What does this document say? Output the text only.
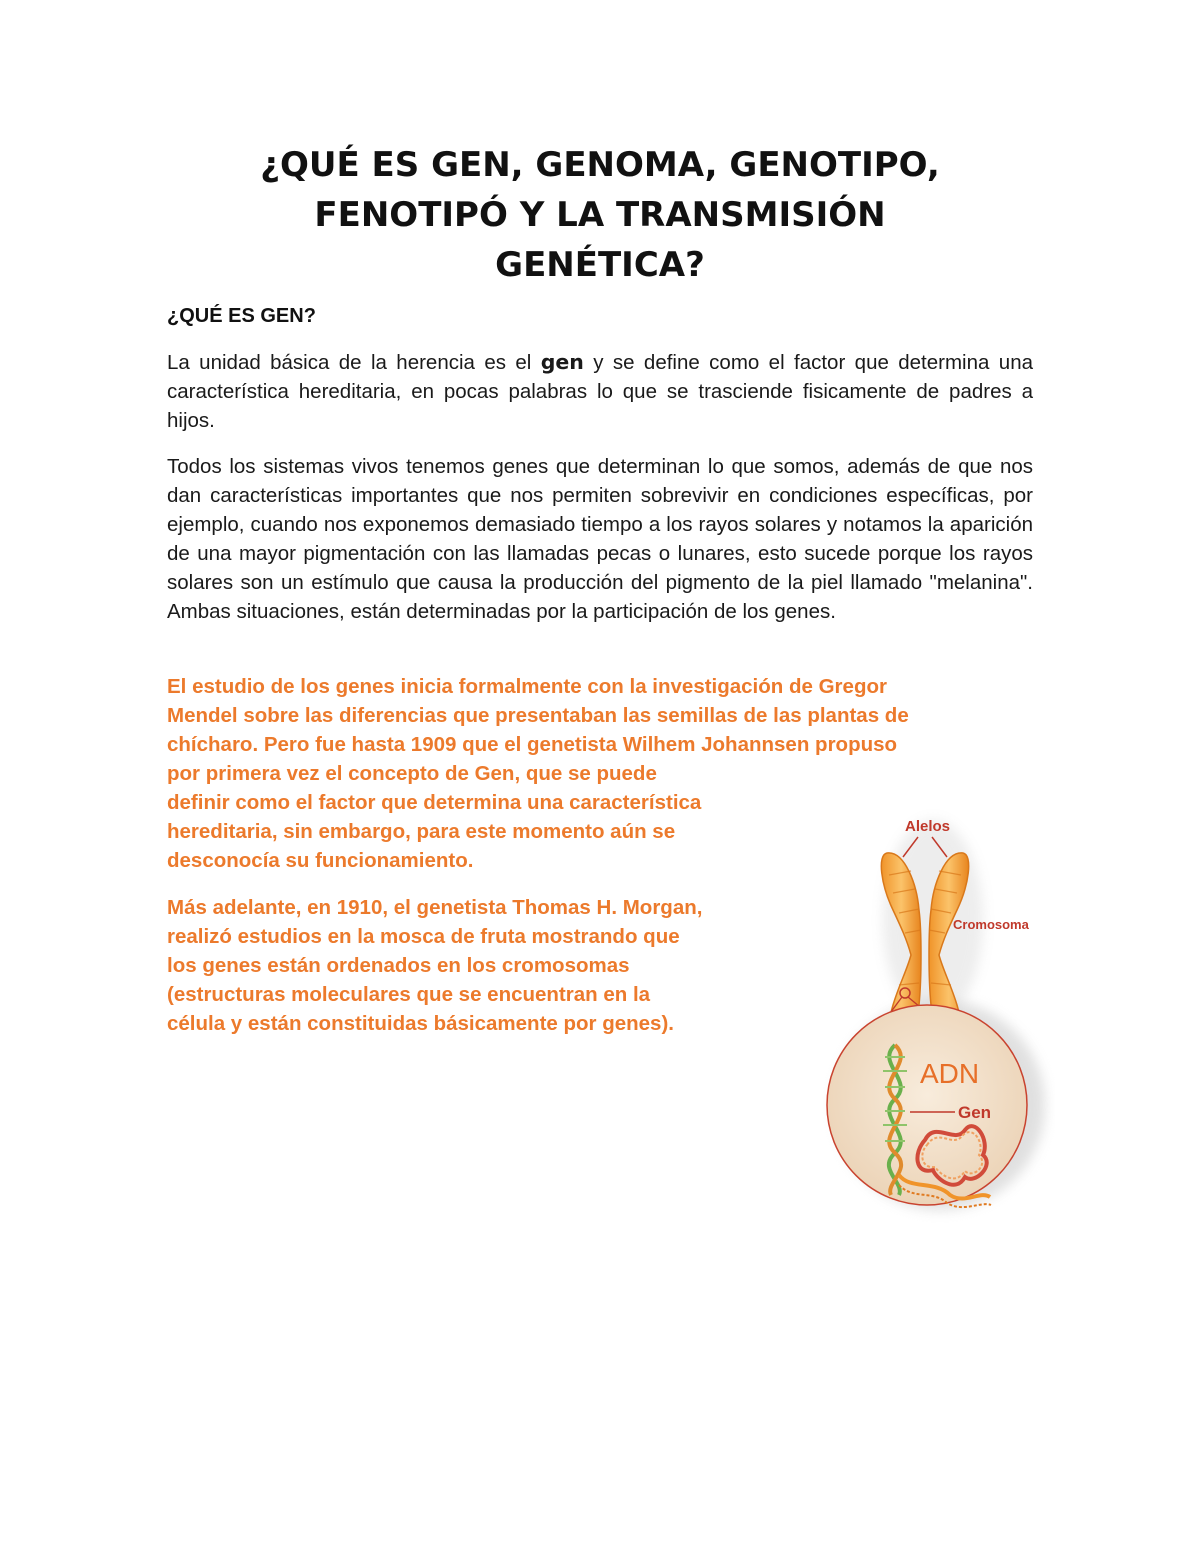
¿QUÉ ES GEN, GENOMA, GENOTIPO,
FENOTIPÓ Y LA TRANSMISIÓN
GENÉTICA?
¿QUÉ ES GEN?

La unidad básica de la herencia es el gen y se define como el factor que determina una característica hereditaria, en pocas palabras lo que se trasciende fisicamente de padres a hijos.

Todos los sistemas vivos tenemos genes que determinan lo que somos, además de que nos dan características importantes que nos permiten sobrevivir en condiciones específicas, por ejemplo, cuando nos exponemos demasiado tiempo a los rayos solares y notamos la aparición de una mayor pigmentación con las llamadas pecas o lunares, esto sucede porque los rayos solares son un estímulo que causa la producción del pigmento de la piel llamado "melanina". Ambas situaciones, están determinadas por la participación de los genes.

El estudio de los genes inicia formalmente con la investigación de Gregor
Mendel sobre las diferencias que presentaban las semillas de las plantas de
chícharo. Pero fue hasta 1909 que el genetista Wilhem Johannsen propuso
por primera vez el concepto de Gen, que se puede
definir como el factor que determina una característica
hereditaria, sin embargo, para este momento aún se
desconocía su funcionamiento.

Más adelante, en 1910, el genetista Thomas H. Morgan,
realizó estudios en la mosca de fruta mostrando que
los genes están ordenados en los cromosomas
(estructuras moleculares que se encuentran en la
célula y están constituidas básicamente por genes).

Alelos
Cromosoma
ADN
Gen
